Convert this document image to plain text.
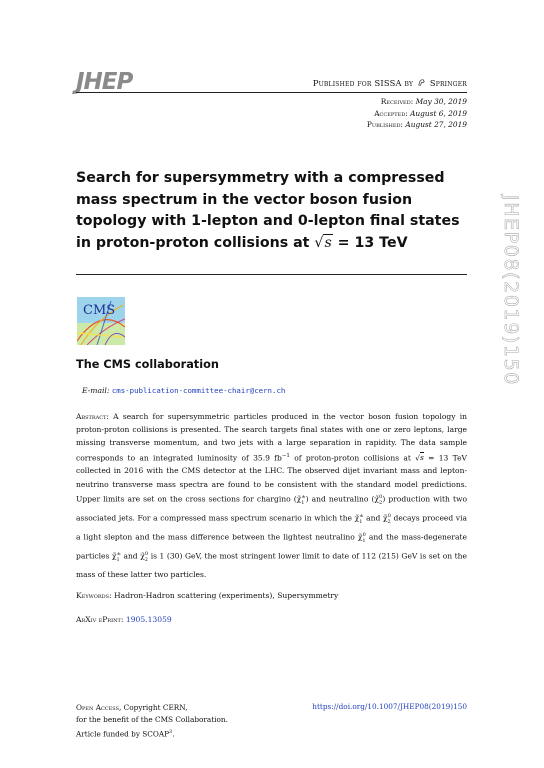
JHEP	Published for SISSA by Springer
Received: May 30, 2019
Accepted: August 6, 2019
Published: August 27, 2019
Search for supersymmetry with a compressed mass spectrum in the vector boson fusion topology with 1-lepton and 0-lepton final states in proton-proton collisions at √s = 13 TeV	JHEP08(2019)150
CMS
The CMS collaboration
E-mail: cms-publication-committee-chair@cern.ch
Abstract: A search for supersymmetric particles produced in the vector boson fusion topology in proton-proton collisions is presented. The search targets final states with one or zero leptons, large missing transverse momentum, and two jets with a large separation in rapidity. The data sample corresponds to an integrated luminosity of 35.9 $fb^{-1}$ of proton-proton collisions at √s = 13 TeV collected in 2016 with the CMS detector at the LHC. The observed dijet invariant mass and lepton-neutrino transverse mass spectra are found to be consistent with the standard model predictions. Upper limits are set on the cross sections for chargino $(\chĩ_1^\pm)$ and neutralino $(\chĩ_2^0)$ production with two associated jets. For a compressed mass spectrum scenario in which the $\chĩ_1^\pm$ and $\chĩ_2^0$ decays proceed via a light slepton and the mass difference between the lightest neutralino $\chĩ_1^0$ and the mass-degenerate particles $\chĩ_1^\pm$ and $\chĩ_2^0$ is 1 (30) GeV, the most stringent lower limit to date of 112 (215) GeV is set on the mass of these latter two particles.
Keywords: Hadron-Hadron scattering (experiments), Supersymmetry
ArXiv ePrint: 1905.13059
Open Access, Copyright CERN,
for the benefit of the CMS Collaboration.
Article funded by SCOAP$^3$.
https://doi.org/10.1007/JHEP08(2019)150
